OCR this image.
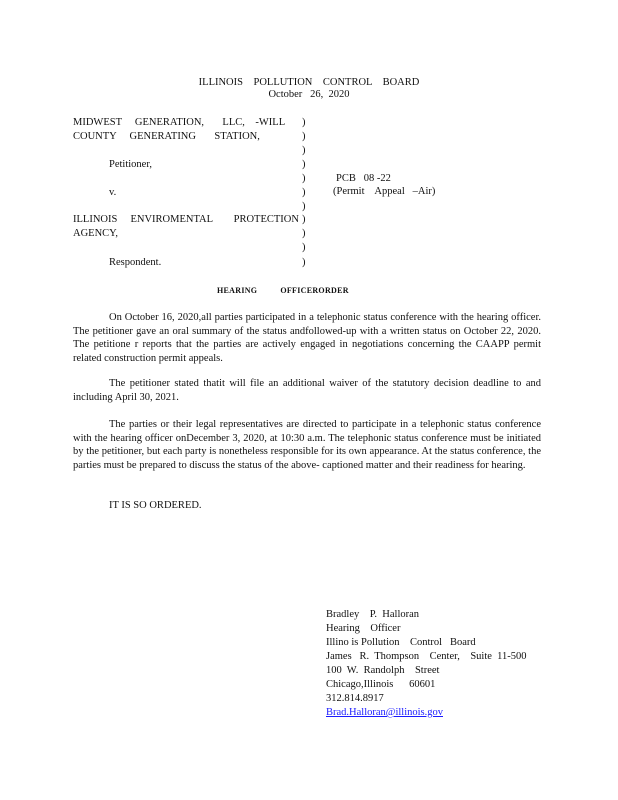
ILLINOIS    POLLUTION    CONTROL    BOARD
October   26,  2020
MIDWEST     GENERATION,       LLC,    -WILL
COUNTY     GENERATING       STATION,
Petitioner,
v.
ILLINOIS     ENVIROMENTAL        PROTECTION
AGENCY,
Respondent.
PCB   08 -22
(Permit    Appeal   –Air)
)
)
)
)
)
)
)
)
)
)
)
HEARING          OFFICERORDER

On October 16, 2020,all parties participated in a telephonic status conference with the hearing officer. The petitioner gave an oral summary of the status andfollowed-up with a written status on October 22, 2020. The petitione r reports that the parties are actively engaged in negotiations concerning the CAAPP permit related construction permit appeals.

The petitioner stated thatit will file an additional waiver of the statutory decision deadline to and including April 30, 2021.

The parties or their legal representatives are directed to participate in a telephonic status conference with the hearing officer onDecember 3, 2020, at 10:30 a.m. The telephonic status conference must be initiated by the petitioner, but each party is nonetheless responsible for its own appearance. At the status conference, the parties must be prepared to discuss the status of the above- captioned matter and their readiness for hearing.

IT IS SO ORDERED.

Bradley    P.  Halloran
Hearing    Officer
Illino is Pollution    Control   Board
James   R.  Thompson    Center,    Suite  11-500
100  W.  Randolph    Street
Chicago,Illinois      60601
312.814.8917
Brad.Halloran@illinois.gov
